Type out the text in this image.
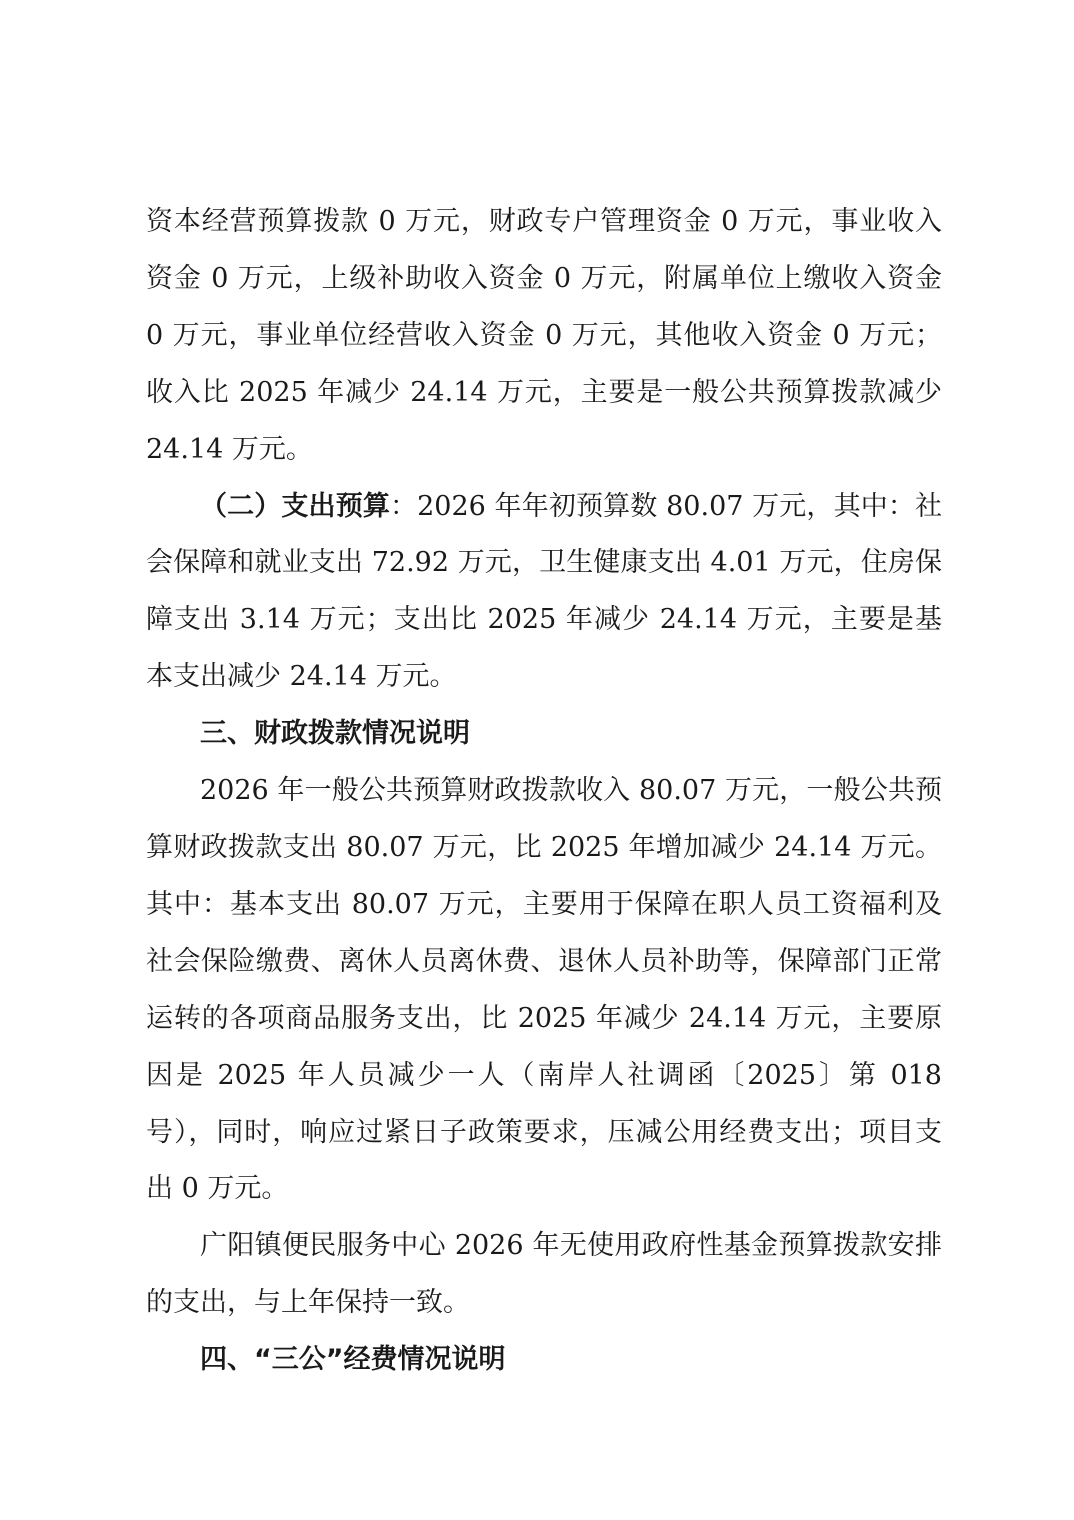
资本经营预算拨款 0 万元，财政专户管理资金 0 万元，事业收入资金 0 万元，上级补助收入资金 0 万元，附属单位上缴收入资金 0 万元，事业单位经营收入资金 0 万元，其他收入资金 0 万元；收入比 2025 年减少 24.14 万元，主要是一般公共预算拨款减少 24.14 万元。

（二）支出预算：2026 年年初预算数 80.07 万元，其中：社会保障和就业支出 72.92 万元，卫生健康支出 4.01 万元，住房保障支出 3.14 万元；支出比 2025 年减少 24.14 万元，主要是基本支出减少 24.14 万元。

三、财政拨款情况说明

2026 年一般公共预算财政拨款收入 80.07 万元，一般公共预算财政拨款支出 80.07 万元，比 2025 年增加减少 24.14 万元。其中：基本支出 80.07 万元，主要用于保障在职人员工资福利及社会保险缴费、离休人员离休费、退休人员补助等，保障部门正常运转的各项商品服务支出，比 2025 年减少 24.14 万元，主要原因是 2025 年人员减少一人（南岸人社调函〔2025〕第 018 号），同时，响应过紧日子政策要求，压减公用经费支出；项目支出 0 万元。

广阳镇便民服务中心 2026 年无使用政府性基金预算拨款安排的支出，与上年保持一致。

四、“三公”经费情况说明
